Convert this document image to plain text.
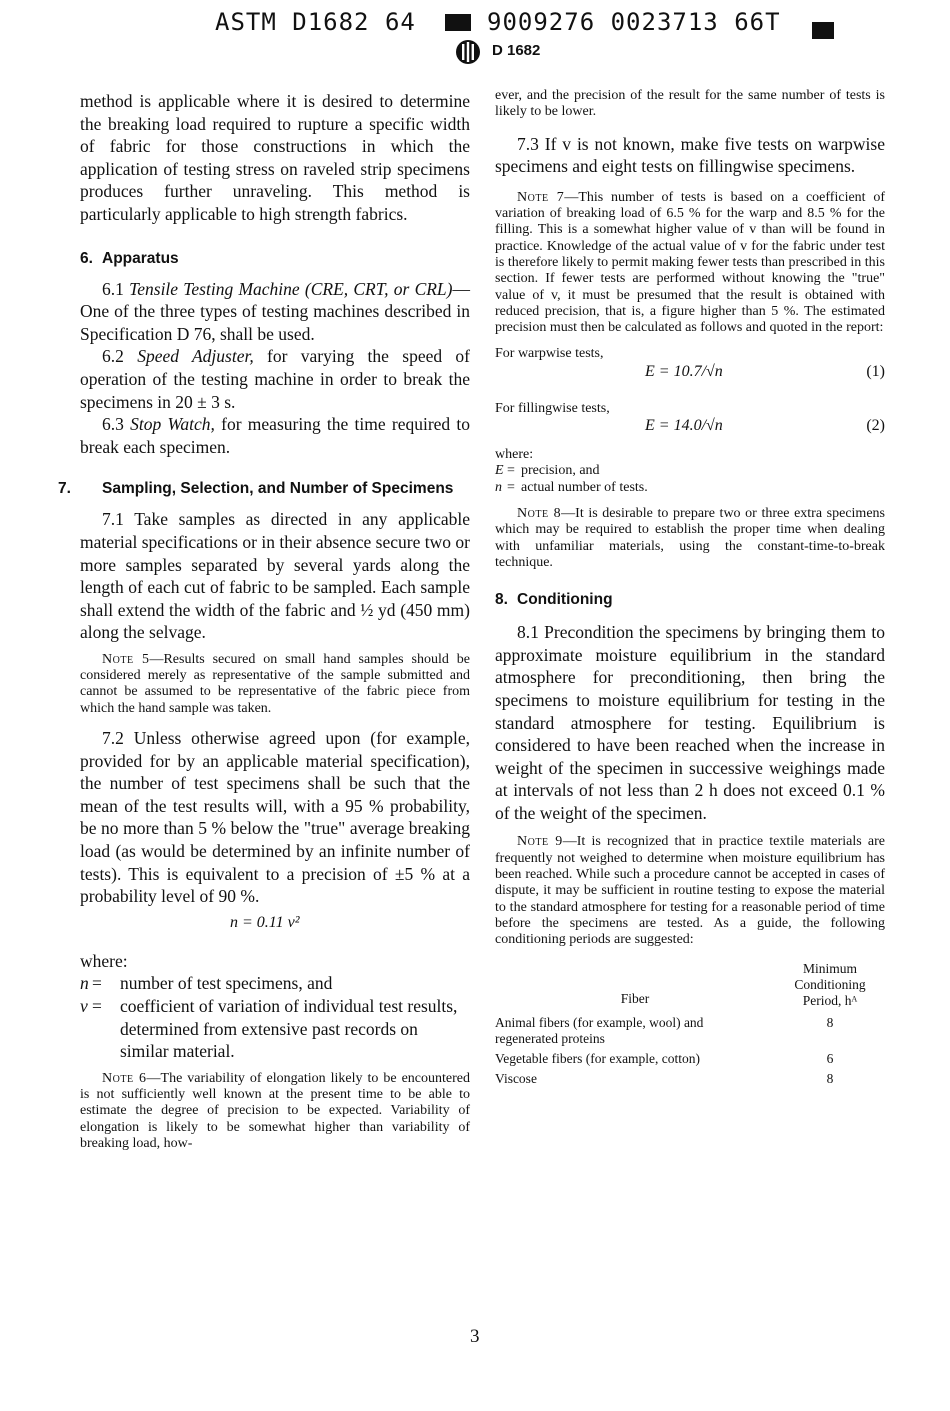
ASTM D1682 64	9009276 0023713 66T
D 1682

method is applicable where it is desired to determine the breaking load required to rupture a specific width of fabric for those constructions in which the application of testing stress on raveled strip specimens produces further unraveling. This method is particularly applicable to high strength fabrics.

6. Apparatus

6.1 Tensile Testing Machine (CRE, CRT, or CRL)—One of the three types of testing machines described in Specification D 76, shall be used.

6.2 Speed Adjuster, for varying the speed of operation of the testing machine in order to break the specimens in 20 ± 3 s.

6.3 Stop Watch, for measuring the time required to break each specimen.

7. Sampling, Selection, and Number of Specimens

7.1 Take samples as directed in any applicable material specifications or in their absence secure two or more samples separated by several yards along the length of each cut of fabric to be sampled. Each sample shall extend the width of the fabric and ½ yd (450 mm) along the selvage.

Note 5—Results secured on small hand samples should be considered merely as representative of the sample submitted and cannot be assumed to be representative of the fabric piece from which the hand sample was taken.

7.2 Unless otherwise agreed upon (for example, provided for by an applicable material specification), the number of test specimens shall be such that the mean of the test results will, with a 95 % probability, be no more than 5 % below the "true" average breaking load (as would be determined by an infinite number of tests). This is equivalent to a precision of ±5 % at a probability level of 90 %.

n = 0.11 v²

where:

n = number of test specimens, and
v = coefficient of variation of individual test results, determined from extensive past records on similar material.

Note 6—The variability of elongation likely to be encountered is not sufficiently well known at the present time to be able to estimate the degree of precision to be expected. Variability of elongation is likely to be somewhat higher than variability of breaking load, how-

ever, and the precision of the result for the same number of tests is likely to be lower.

7.3 If v is not known, make five tests on warpwise specimens and eight tests on fillingwise specimens.

Note 7—This number of tests is based on a coefficient of variation of breaking load of 6.5 % for the warp and 8.5 % for the filling. This is a somewhat higher value of v than will be found in practice. Knowledge of the actual value of v for the fabric under test is therefore likely to permit making fewer tests than prescribed in this section. If fewer tests are performed without knowing the "true" value of v, it must be presumed that the result is obtained with reduced precision, that is, a figure higher than 5 %. The estimated precision must then be calculated as follows and quoted in the report:

For warpwise tests,

E = 10.7/√n	(1)

For fillingwise tests,

E = 14.0/√n	(2)

where:

E = precision, and
n = actual number of tests.

Note 8—It is desirable to prepare two or three extra specimens which may be required to establish the proper time when dealing with unfamiliar materials, using the constant-time-to-break technique.

8. Conditioning

8.1 Precondition the specimens by bringing them to approximate moisture equilibrium in the standard atmosphere for preconditioning, then bring the specimens to moisture equilibrium for testing in the standard atmosphere for testing. Equilibrium is considered to have been reached when the increase in weight of the specimen in successive weighings made at intervals of not less than 2 h does not exceed 0.1 % of the weight of the specimen.

Note 9—It is recognized that in practice textile materials are frequently not weighed to determine when moisture equilibrium has been reached. While such a procedure cannot be accepted in cases of dispute, it may be sufficient in routine testing to expose the material to the standard atmosphere for testing for a reasonable period of time before the specimens are tested. As a guide, the following conditioning periods are suggested:

Fiber	Minimum Conditioning Period, hᴬ
Animal fibers (for example, wool) and regenerated proteins	8
Vegetable fibers (for example, cotton)	6
Viscose	8
3
